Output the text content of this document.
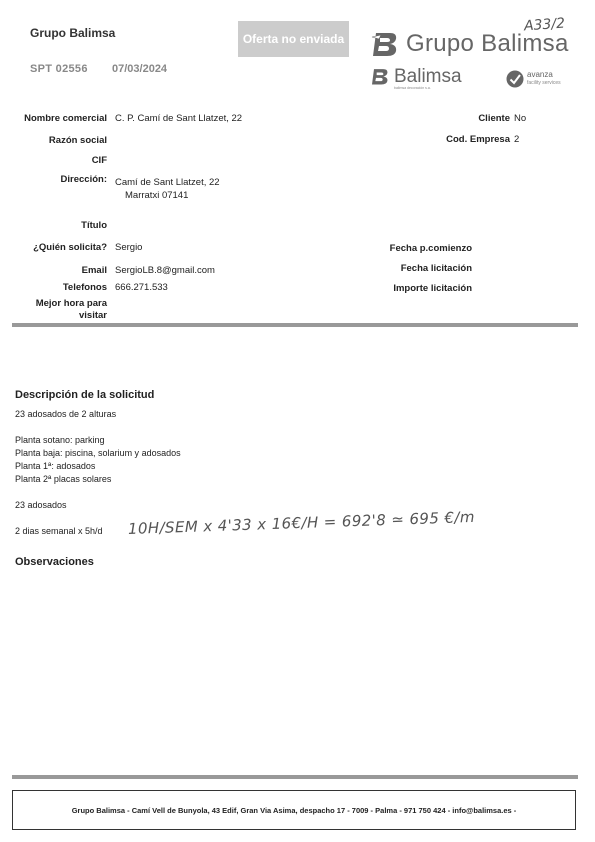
Grupo Balimsa
SPT 02556 07/03/2024
Oferta no enviada
A33/2
Grupo Balimsa
Balimsa
balimsa decoración s.a.
avanza
facility services
Nombre comercial C. P. Camí de Sant Llatzet, 22
Razón social
CIF
Dirección: Camí de Sant Llatzet, 22
Marratxi 07141
Título
¿Quién solicita? Sergio
Email SergioLB.8@gmail.com
Telefonos 666.271.533
Mejor hora para visitar
Cliente No
Cod. Empresa 2
Fecha p.comienzo
Fecha licitación
Importe licitación
Descripción de la solicitud
23 adosados de 2 alturas
Planta sotano: parking
Planta baja: piscina, solarium y adosados
Planta 1ª: adosados
Planta 2ª placas solares
23 adosados
2 dias semanal x 5h/d 10H/SEM x 4'33 x 16€/H = 692'8 ≃ 695 €/m
Observaciones
Grupo Balimsa - Camí Vell de Bunyola, 43 Edif, Gran Via Asima, despacho 17 - 7009 - Palma - 971 750 424 - info@balimsa.es -
